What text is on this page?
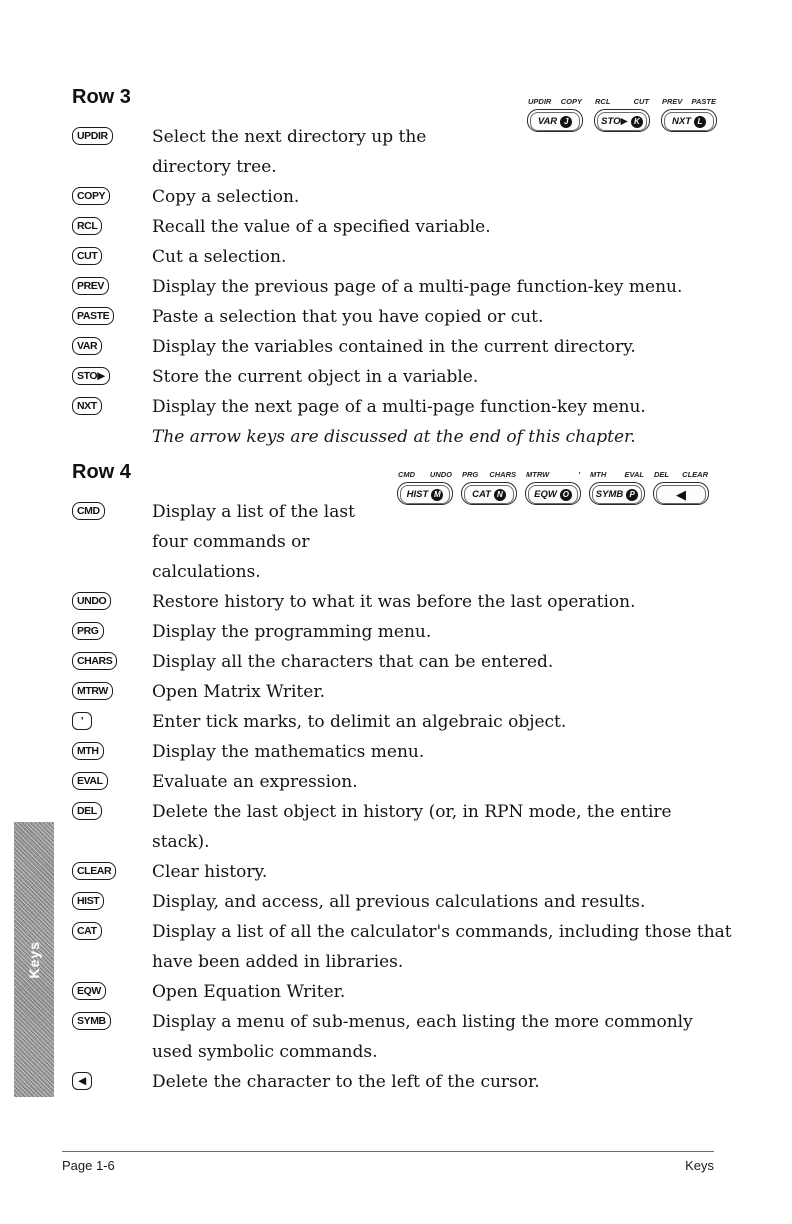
UPDIR COPY
VAR J
RCL	CUT
STO▶ K
PREV PASTE
NXT L
CMD UNDO
HIST M
PRG CHARS
CAT N
MTRW	'
EQW O
MTH EVAL
SYMB P
DEL CLEAR
◀
Row 3
UPDIR	Select the next directory up the directory tree.
COPY	Copy a selection.
RCL	Recall the value of a specified variable.
CUT	Cut a selection.
PREV	Display the previous page of a multi-page function-key menu.
PASTE	Paste a selection that you have copied or cut.
VAR	Display the variables contained in the current directory.
STO▶	Store the current object in a variable.
NXT	Display the next page of a multi-page function-key menu.
The arrow keys are discussed at the end of this chapter.
Row 4
CMD	Display a list of the last four commands or calculations.
UNDO	Restore history to what it was before the last operation.
PRG	Display the programming menu.
CHARS	Display all the characters that can be entered.
MTRW	Open Matrix Writer.
'	Enter tick marks, to delimit an algebraic object.
MTH	Display the mathematics menu.
EVAL	Evaluate an expression.
DEL	Delete the last object in history (or, in RPN mode, the entire stack).
CLEAR	Clear history.
HIST	Display, and access, all previous calculations and results.
CAT	Display a list of all the calculator's commands, including those that have been added in libraries.
EQW	Open Equation Writer.
SYMB	Display a menu of sub-menus, each listing the more commonly used symbolic commands.
◀	Delete the character to the left of the cursor.
Keys
Page 1-6	Keys
